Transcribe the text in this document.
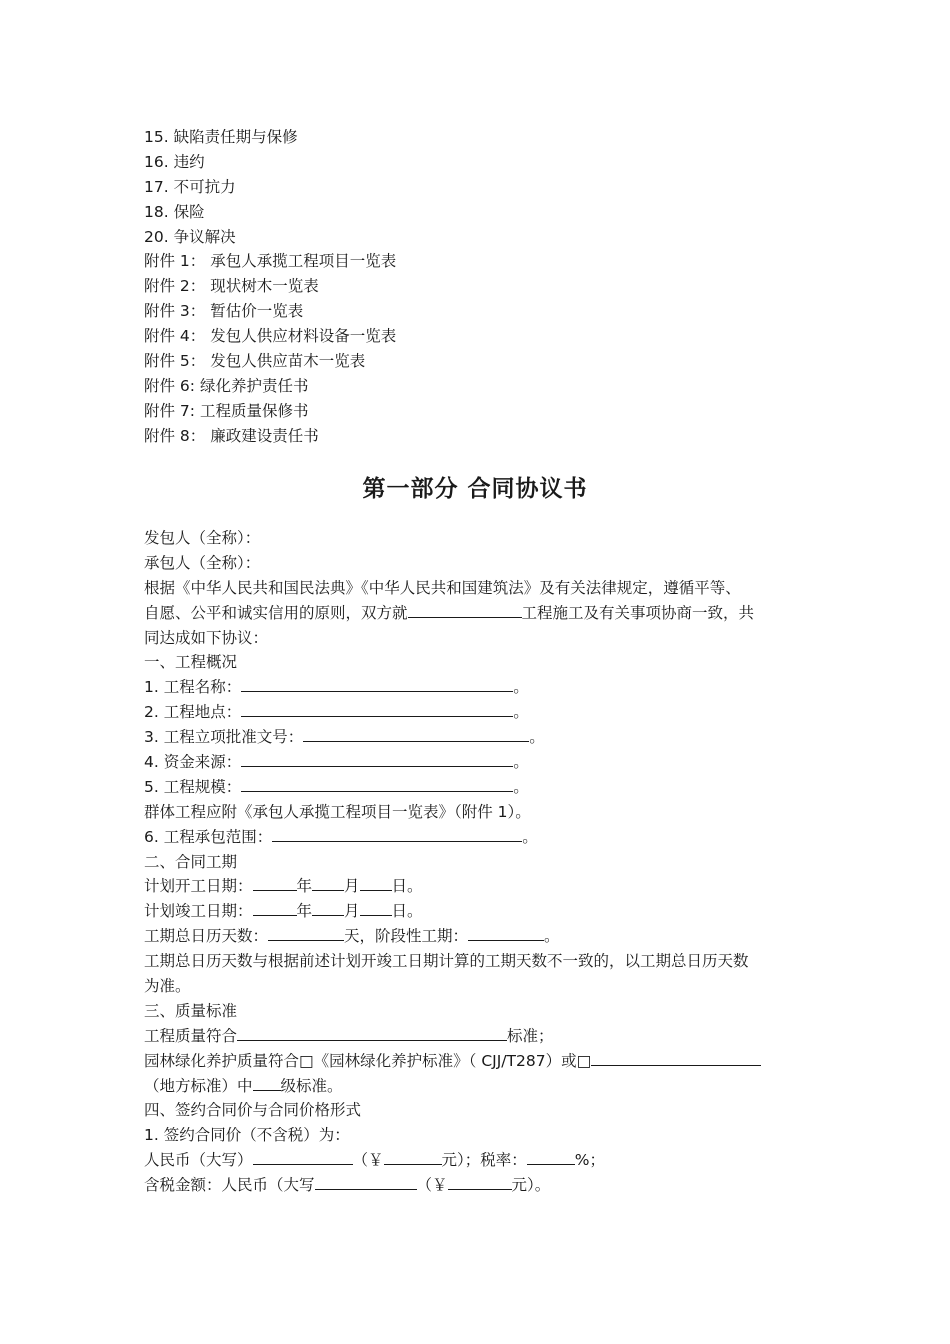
15. 缺陷责任期与保修
16. 违约
17. 不可抗力
18. 保险
20. 争议解决
附件 1： 承包人承揽工程项目一览表
附件 2： 现状树木一览表
附件 3： 暂估价一览表
附件 4： 发包人供应材料设备一览表
附件 5： 发包人供应苗木一览表
附件 6: 绿化养护责任书
附件 7: 工程质量保修书
附件 8： 廉政建设责任书
第一部分 合同协议书
发包人（全称）：
承包人（全称）：
根据《中华人民共和国民法典》《中华人民共和国建筑法》及有关法律规定，遵循平等、
自愿、公平和诚实信用的原则，双方就	工程施工及有关事项协商一致，共
同达成如下协议：
一、工程概况
1. 工程名称：	。
2. 工程地点：	。
3. 工程立项批准文号：	。
4. 资金来源：	。
5. 工程规模：	。
群体工程应附《承包人承揽工程项目一览表》（附件 1）。
6. 工程承包范围：	。
二、合同工期
计划开工日期：	年 月 日。
计划竣工日期：	年 月 日。
工期总日历天数：	天，阶段性工期：	。
工期总日历天数与根据前述计划开竣工日期计算的工期天数不一致的，以工期总日历天数
为准。
三、质量标准
工程质量符合	标准；
园林绿化养护质量符合□《园林绿化养护标准》（ CJJ/T287）或□
（地方标准）中 级标准。
四、签约合同价与合同价格形式
1. 签约合同价（不含税）为：
人民币（大写）	（￥	元）；税率：	%；
含税金额：人民币（大写	（￥	元）。
